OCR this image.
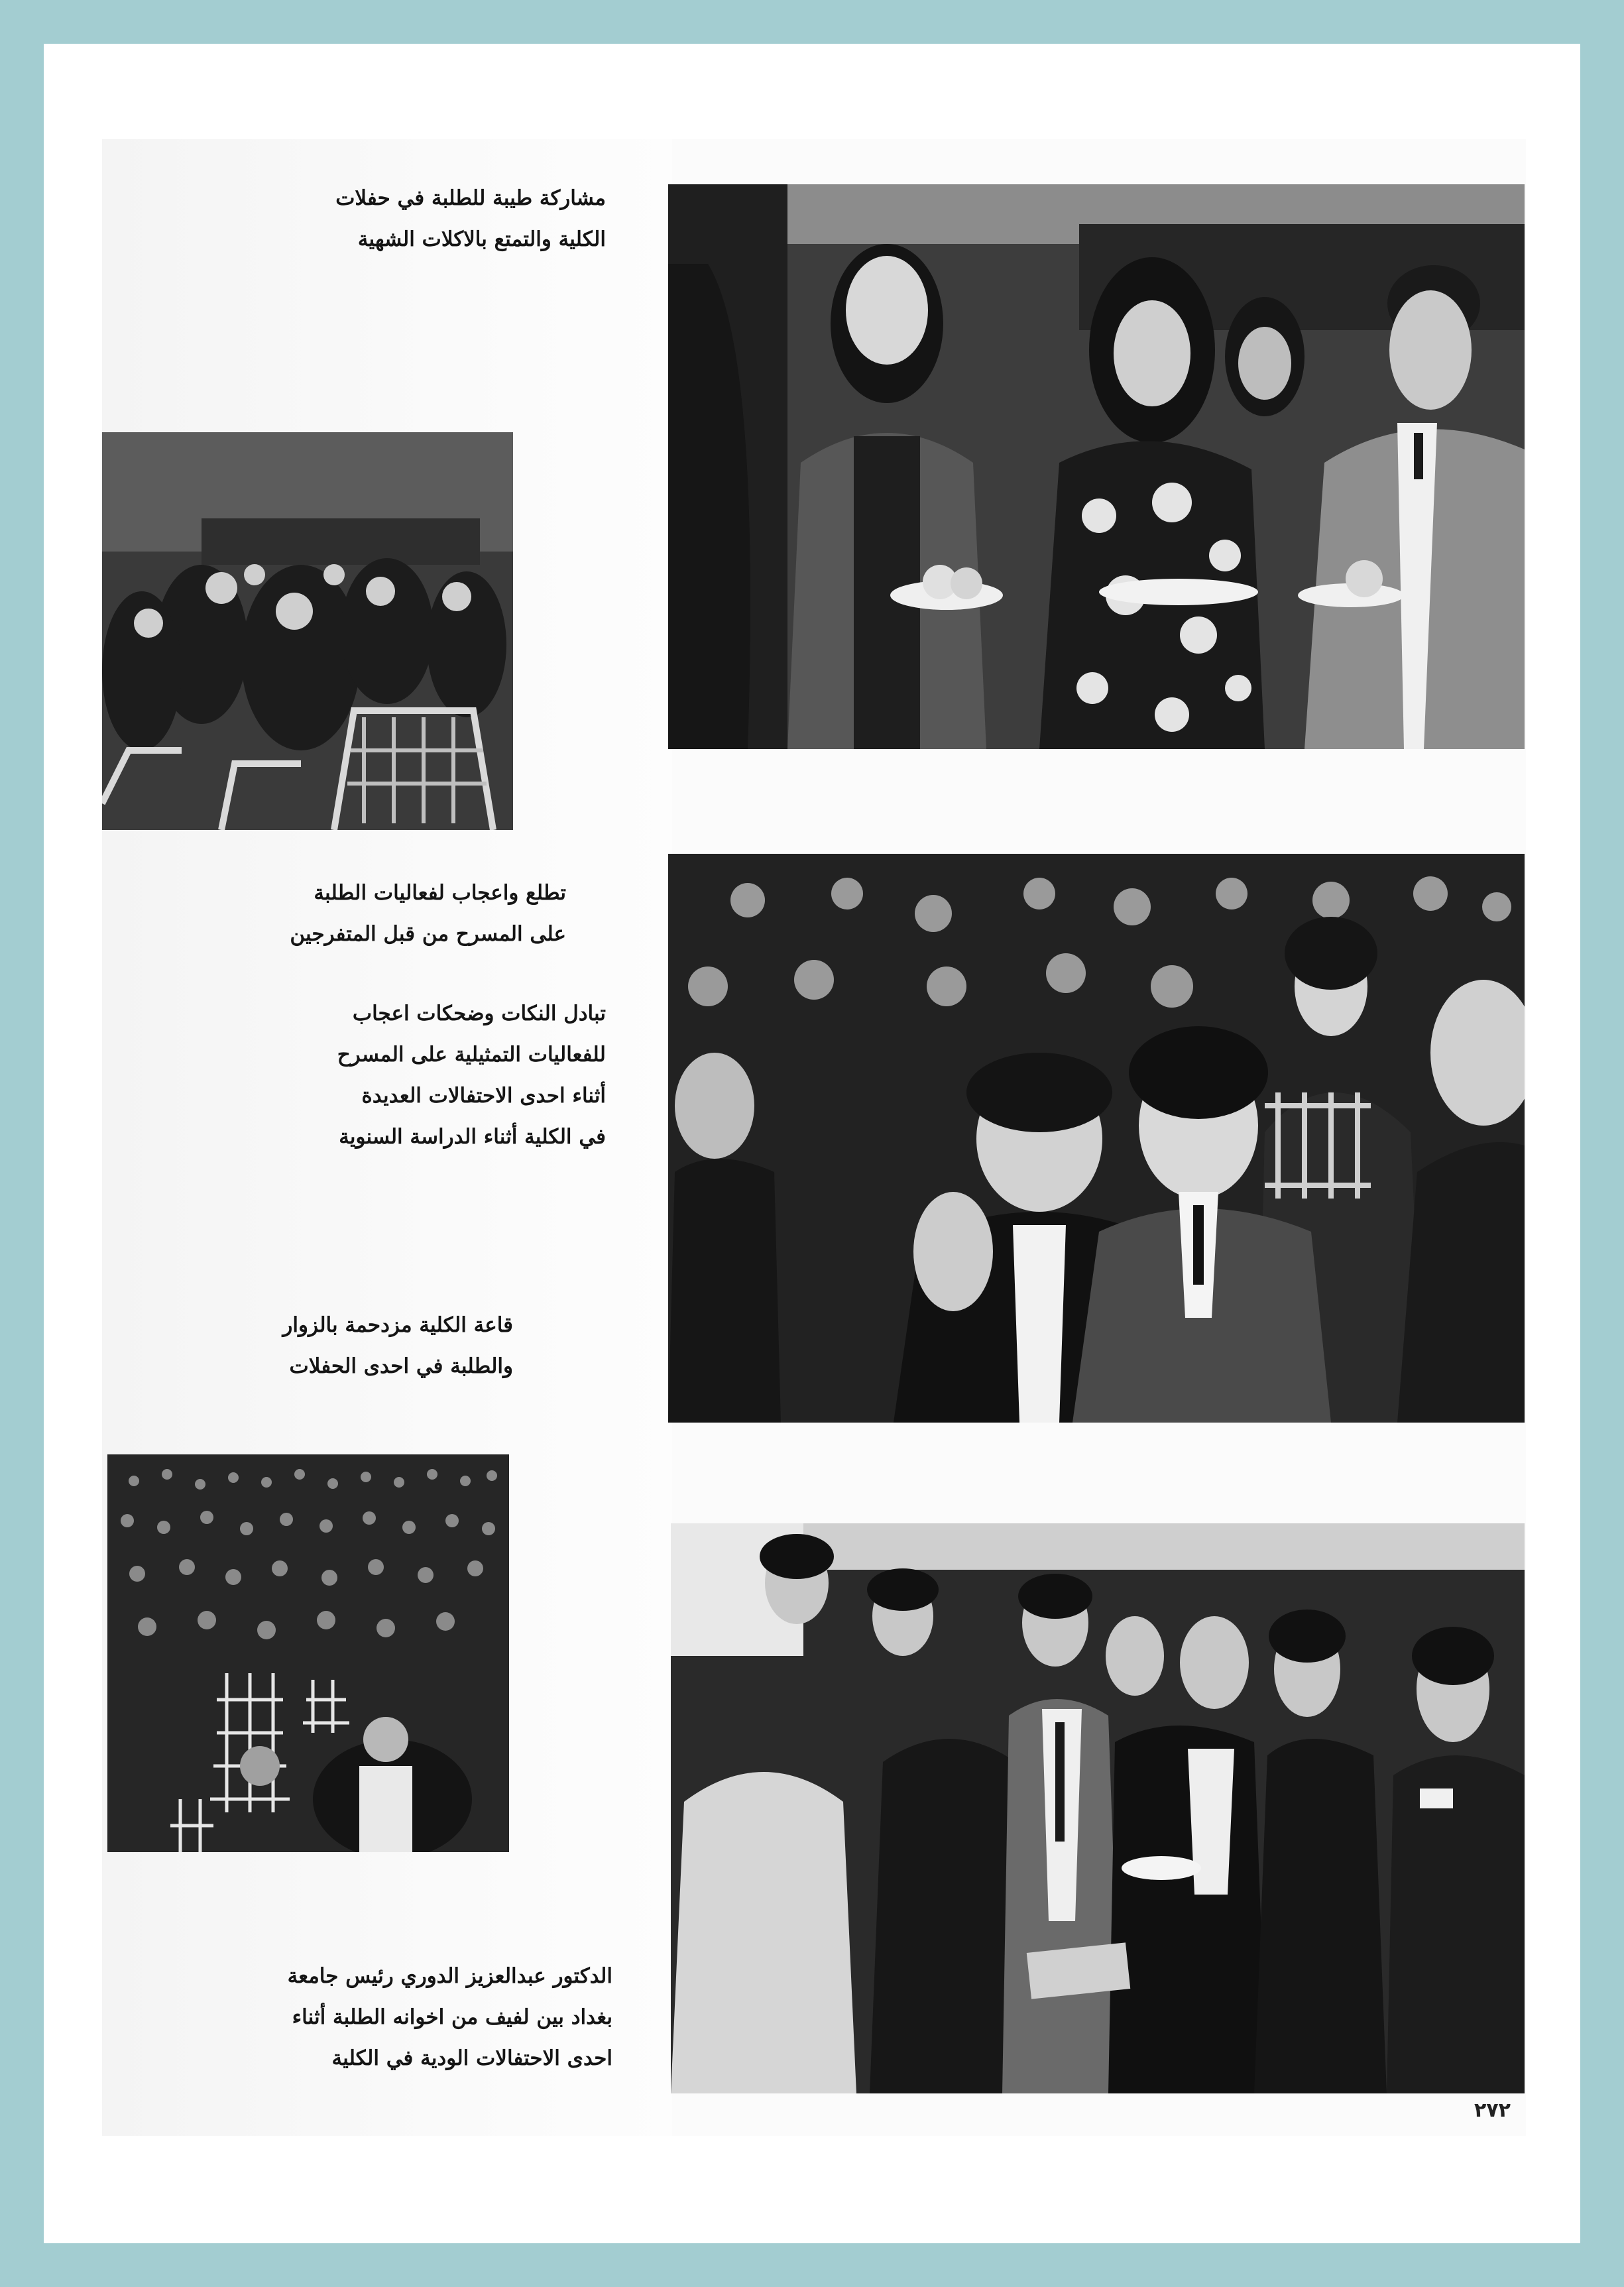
مشاركة طيبة للطلبة في حفلات
الكلية والتمتع بالاكلات الشهية
تطلع واعجاب لفعاليات الطلبة
على المسرح من قبل المتفرجين
تبادل النكات وضحكات اعجاب
للفعاليات التمثيلية على المسرح
أثناء احدى الاحتفالات العديدة
في الكلية أثناء الدراسة السنوية
قاعة الكلية مزدحمة بالزوار
والطلبة في احدى الحفلات
الدكتور عبدالعزيز الدوري رئيس جامعة
بغداد بين لفيف من اخوانه الطلبة أثناء
احدى الاحتفالات الودية في الكلية
٢٧٢
